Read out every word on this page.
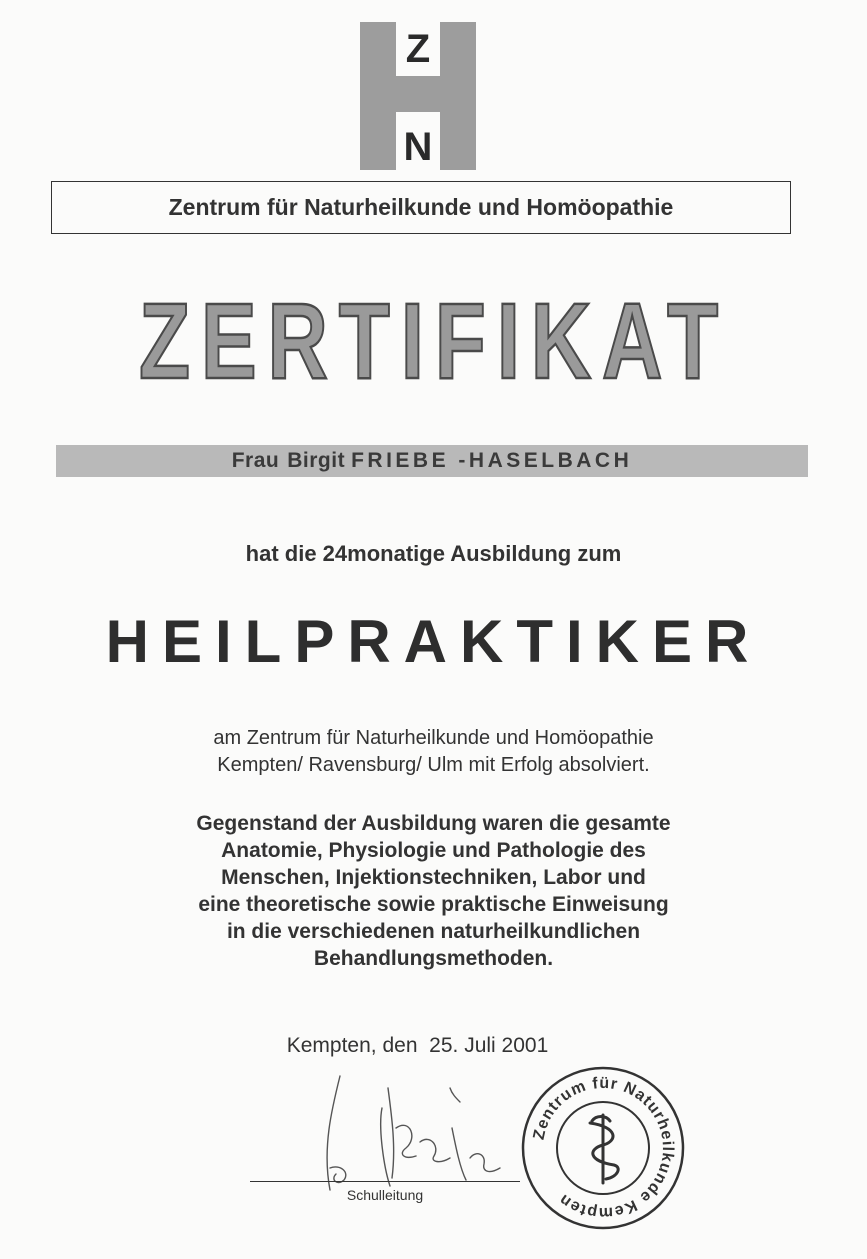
Z
N
H
Zentrum für Naturheilkunde und Homöopathie
ZERTIFIKAT
Frau Birgit FRIEBE -HASELBACH
hat die 24monatige Ausbildung zum
HEILPRAKTIKER
am Zentrum für Naturheilkunde und Homöopathie
Kempten/ Ravensburg/ Ulm mit Erfolg absolviert.
Gegenstand der Ausbildung waren die gesamte
Anatomie, Physiologie und Pathologie des
Menschen, Injektionstechniken, Labor und
eine theoretische sowie praktische Einweisung
in die verschiedenen naturheilkundlichen
Behandlungsmethoden.
Kempten, den  25. Juli 2001
Schulleitung
Zentrum für Naturheilkunde Kempten
